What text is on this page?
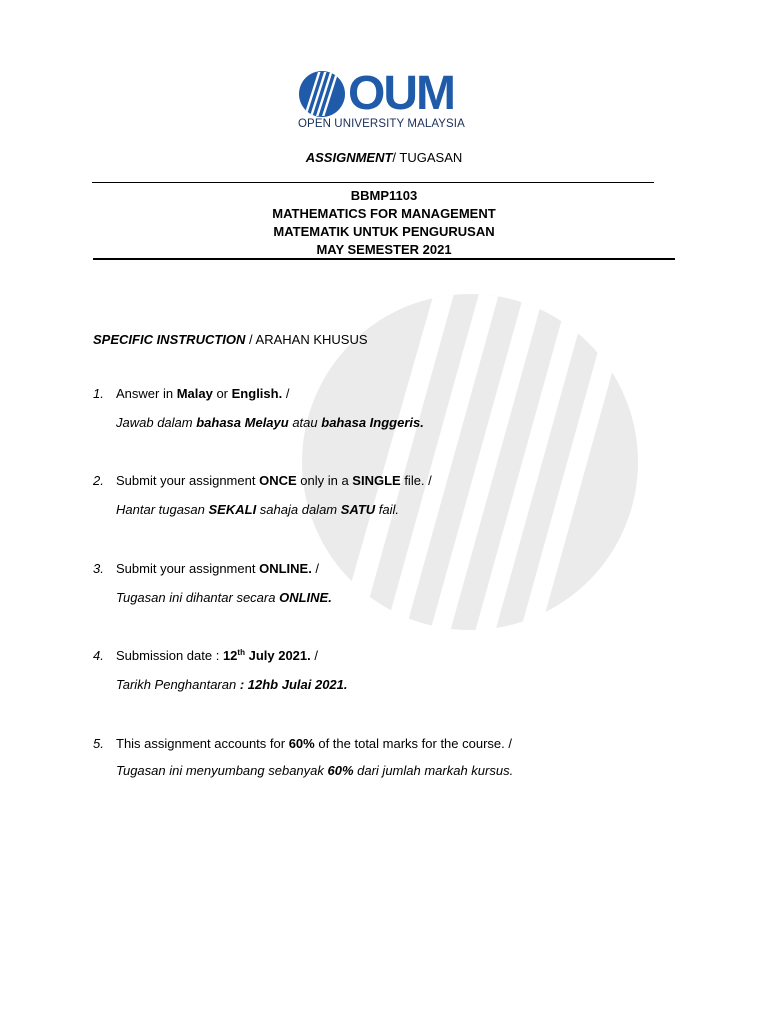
OUM
OPEN UNIVERSITY MALAYSIA
ASSIGNMENT/ TUGASAN
BBMP1103
MATHEMATICS FOR MANAGEMENT
MATEMATIK UNTUK PENGURUSAN
MAY SEMESTER 2021
SPECIFIC INSTRUCTION / ARAHAN KHUSUS
1. Answer in Malay or English. /
Jawab dalam bahasa Melayu atau bahasa Inggeris.
2. Submit your assignment ONCE only in a SINGLE file. /
Hantar tugasan SEKALI sahaja dalam SATU fail.
3. Submit your assignment ONLINE. /
Tugasan ini dihantar secara ONLINE.
4. Submission date : 12th July 2021. /
Tarikh Penghantaran : 12hb Julai 2021.
5. This assignment accounts for 60% of the total marks for the course. /
Tugasan ini menyumbang sebanyak 60% dari jumlah markah kursus.
